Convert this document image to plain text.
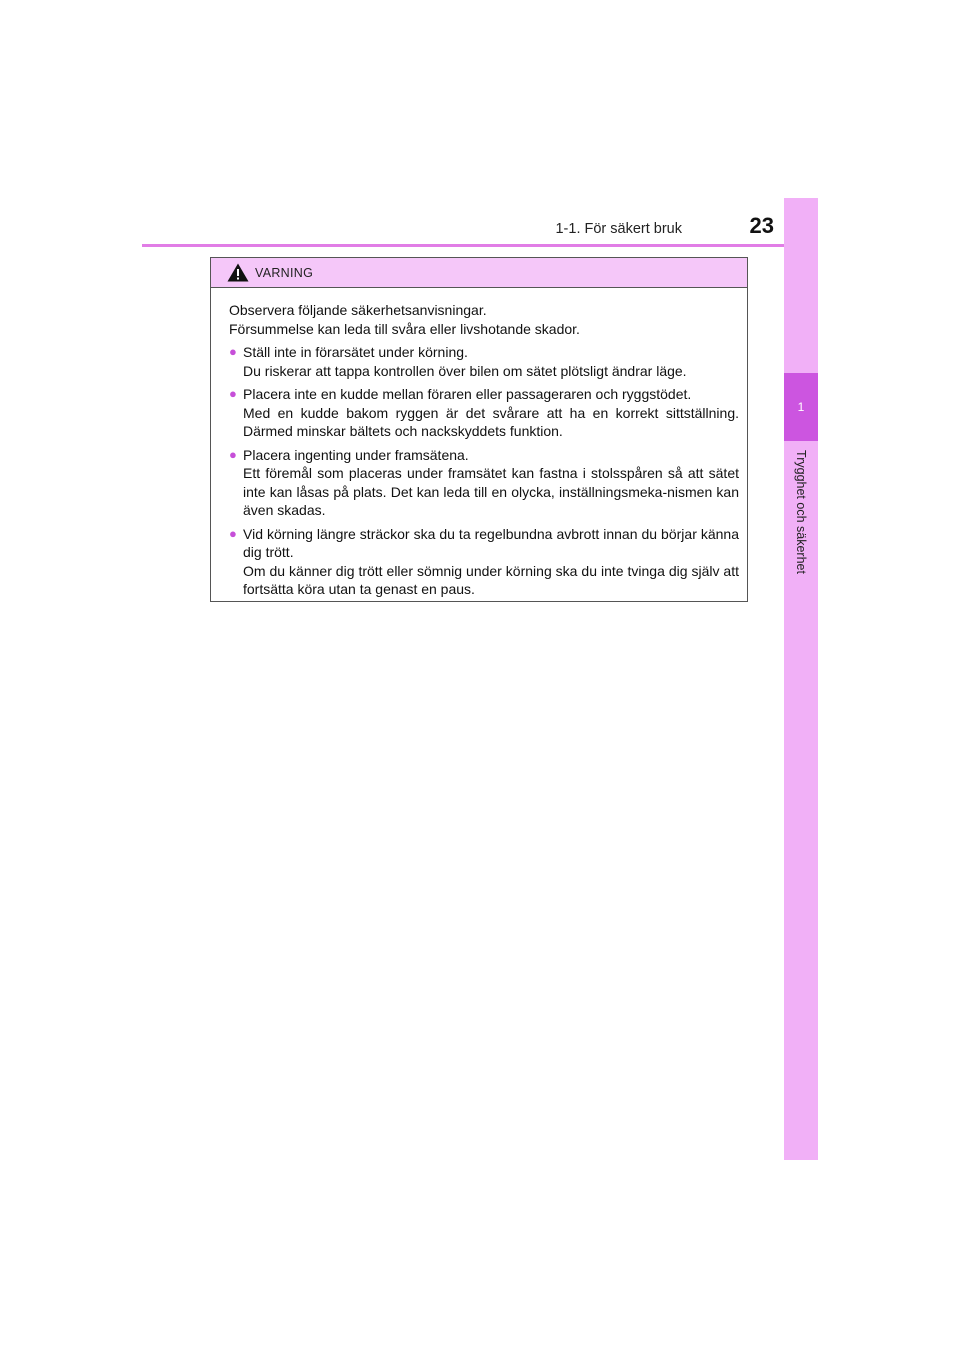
1-1. För säkert bruk	23
1
Trygghet och säkerhet
VARNING
Observera följande säkerhetsanvisningar.
Försummelse kan leda till svåra eller livshotande skador.
● Ställ inte in förarsätet under körning.
Du riskerar att tappa kontrollen över bilen om sätet plötsligt ändrar läge.
● Placera inte en kudde mellan föraren eller passageraren och ryggstödet.
Med en kudde bakom ryggen är det svårare att ha en korrekt sittställning. Därmed minskar bältets och nackskyddets funktion.
● Placera ingenting under framsätena.
Ett föremål som placeras under framsätet kan fastna i stolsspåren så att sätet inte kan låsas på plats. Det kan leda till en olycka, inställningsmeka-nismen kan även skadas.
● Vid körning längre sträckor ska du ta regelbundna avbrott innan du börjar känna dig trött.
Om du känner dig trött eller sömnig under körning ska du inte tvinga dig själv att fortsätta köra utan ta genast en paus.
